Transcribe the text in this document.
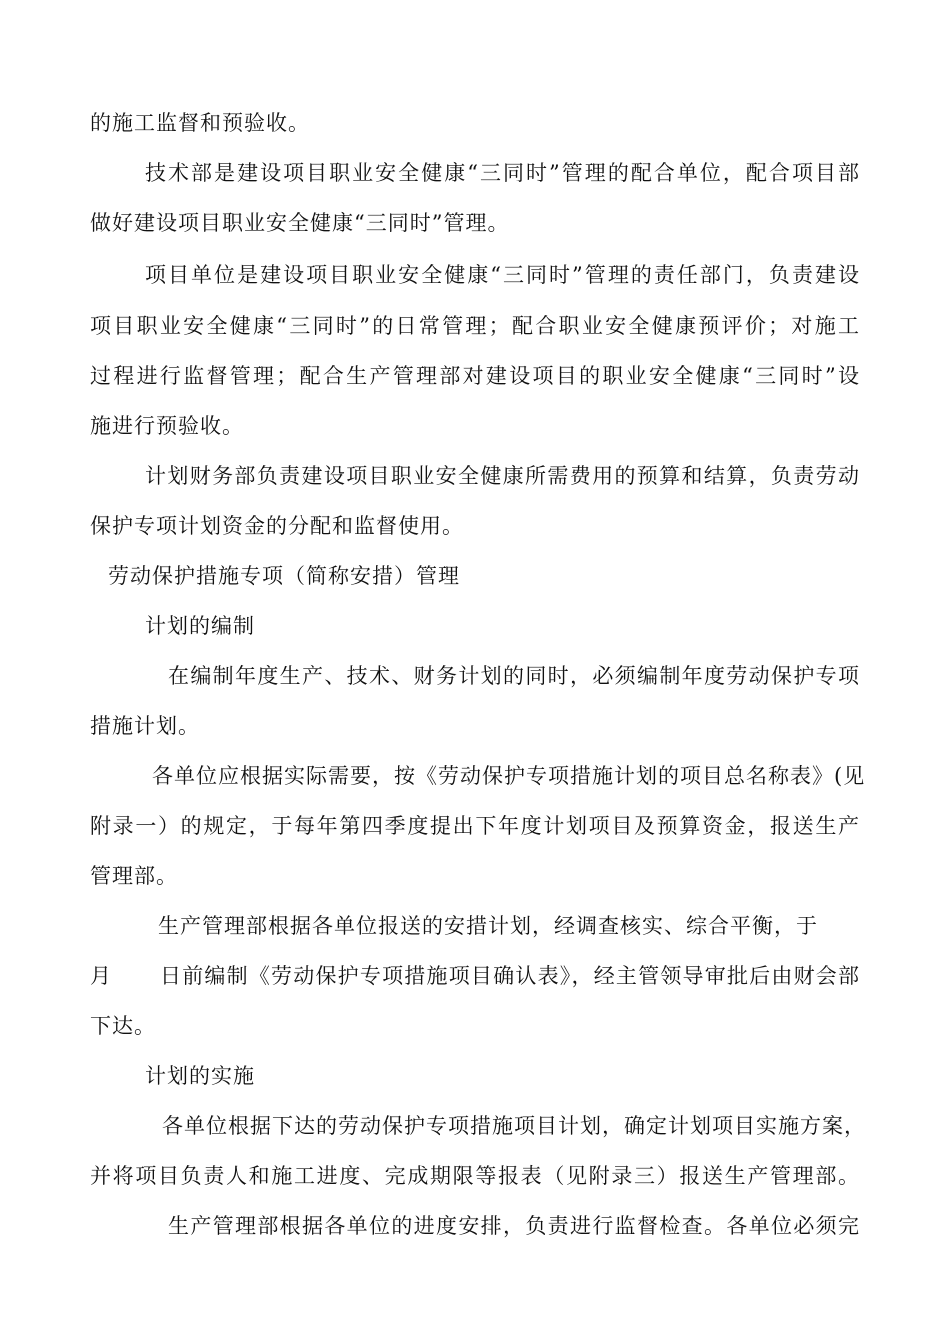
的施工监督和预验收。
技术部是建设项目职业安全健康“三同时”管理的配合单位，配合项目部
做好建设项目职业安全健康“三同时”管理。
项目单位是建设项目职业安全健康“三同时”管理的责任部门，负责建设
项目职业安全健康“三同时”的日常管理；配合职业安全健康预评价；对施工
过程进行监督管理；配合生产管理部对建设项目的职业安全健康“三同时”设
施进行预验收。
计划财务部负责建设项目职业安全健康所需费用的预算和结算，负责劳动
保护专项计划资金的分配和监督使用。
劳动保护措施专项（简称安措）管理
计划的编制
在编制年度生产、技术、财务计划的同时，必须编制年度劳动保护专项
措施计划。
各单位应根据实际需要，按《劳动保护专项措施计划的项目总名称表》(见
附录一）的规定，于每年第四季度提出下年度计划项目及预算资金，报送生产
管理部。
生产管理部根据各单位报送的安措计划，经调查核实、综合平衡，于
月	日前编制《劳动保护专项措施项目确认表》，经主管领导审批后由财会部
下达。
计划的实施
各单位根据下达的劳动保护专项措施项目计划，确定计划项目实施方案，
并将项目负责人和施工进度、完成期限等报表（见附录三）报送生产管理部。
生产管理部根据各单位的进度安排，负责进行监督检查。各单位必须完
